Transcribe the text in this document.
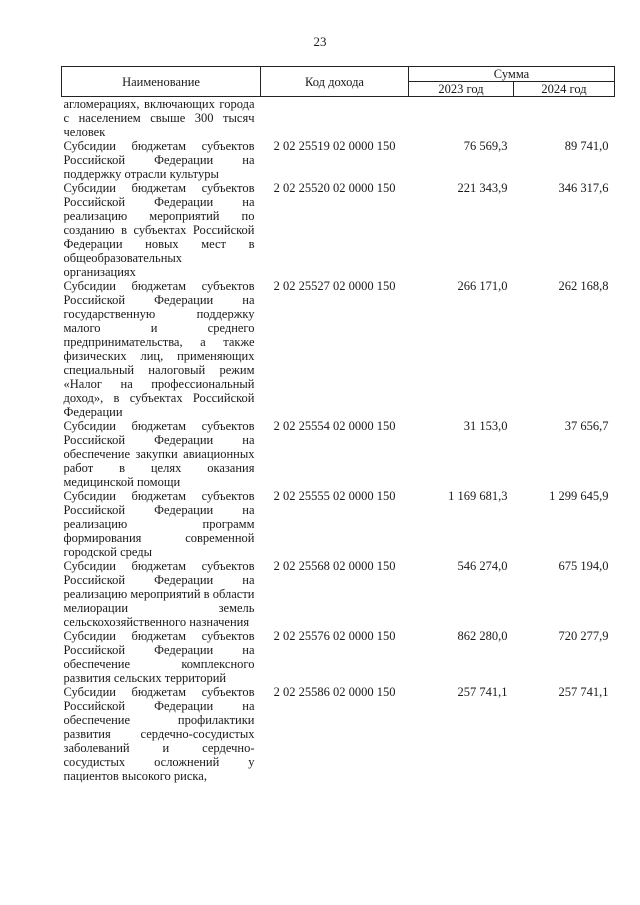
23
Наименование	Код дохода	Сумма	
		2023 год	2024 год
агломерациях, включающих города с населением свыше 300 тысяч человек			
Субсидии бюджетам субъектов Российской Федерации на поддержку отрасли культуры	2 02 25519 02 0000 150	76 569,3	89 741,0
Субсидии бюджетам субъектов Российской Федерации на реализацию мероприятий по созданию в субъектах Российской Федерации новых мест в общеобразовательных организациях	2 02 25520 02 0000 150	221 343,9	346 317,6
Субсидии бюджетам субъектов Российской Федерации на государственную поддержку малого и среднего предпринимательства, а также физических лиц, применяющих специальный налоговый режим «Налог на профессиональный доход», в субъектах Российской Федерации	2 02 25527 02 0000 150	266 171,0	262 168,8
Субсидии бюджетам субъектов Российской Федерации на обеспечение закупки авиационных работ в целях оказания медицинской помощи	2 02 25554 02 0000 150	31 153,0	37 656,7
Субсидии бюджетам субъектов Российской Федерации на реализацию программ формирования современной городской среды	2 02 25555 02 0000 150	1 169 681,3	1 299 645,9
Субсидии бюджетам субъектов Российской Федерации на реализацию мероприятий в области мелиорации земель сельскохозяйственного назначения	2 02 25568 02 0000 150	546 274,0	675 194,0
Субсидии бюджетам субъектов Российской Федерации на обеспечение комплексного развития сельских территорий	2 02 25576 02 0000 150	862 280,0	720 277,9
Субсидии бюджетам субъектов Российской Федерации на обеспечение профилактики развития сердечно-сосудистых заболеваний и сердечно-сосудистых осложнений у пациентов высокого риска,	2 02 25586 02 0000 150	257 741,1	257 741,1
